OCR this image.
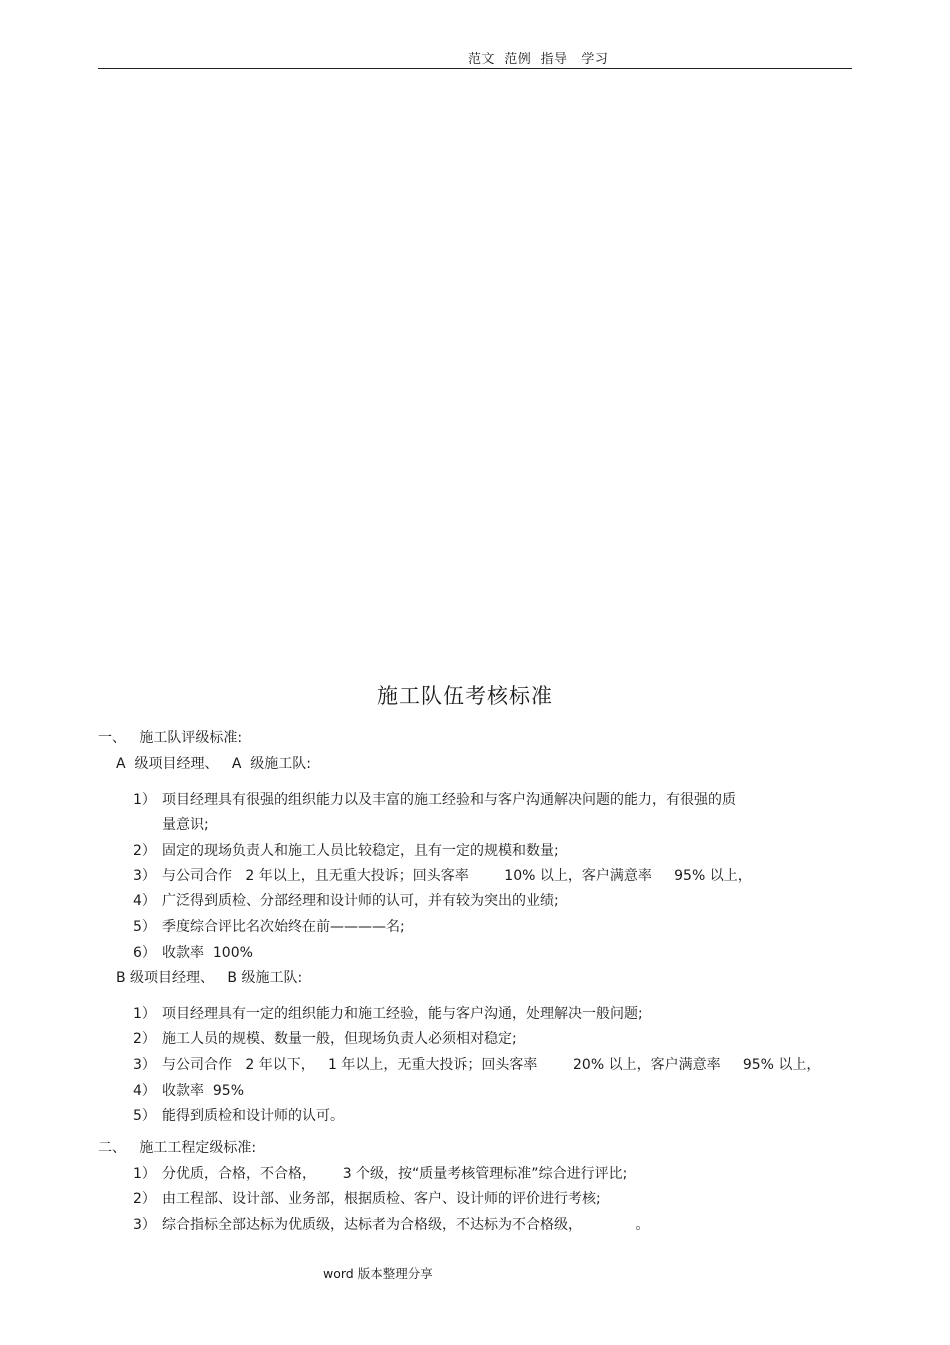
范文  范例  指导   学习
施工队伍考核标准
一、   施工队评级标准:
A  级项目经理、   A  级施工队:
1） 项目经理具有很强的组织能力以及丰富的施工经验和与客户沟通解决问题的能力，有很强的质
量意识;
2） 固定的现场负责人和施工人员比较稳定，且有一定的规模和数量;
3） 与公司合作   2 年以上，且无重大投诉；回头客率        10% 以上，客户满意率     95% 以上，
4） 广泛得到质检、分部经理和设计师的认可，并有较为突出的业绩;
5） 季度综合评比名次始终在前————名;
6） 收款率  100%
B 级项目经理、   B 级施工队:
1） 项目经理具有一定的组织能力和施工经验，能与客户沟通，处理解决一般问题;
2） 施工人员的规模、数量一般，但现场负责人必须相对稳定;
3） 与公司合作   2 年以下，   1 年以上，无重大投诉；回头客率        20% 以上，客户满意率     95% 以上，
4） 收款率  95%
5） 能得到质检和设计师的认可。
二、   施工工程定级标准:
1） 分优质，合格，不合格，      3 个级，按“质量考核管理标准”综合进行评比;
2） 由工程部、设计部、业务部，根据质检、客户、设计师的评价进行考核;
3） 综合指标全部达标为优质级，达标者为合格级，不达标为不合格级，            。
word 版本整理分享
